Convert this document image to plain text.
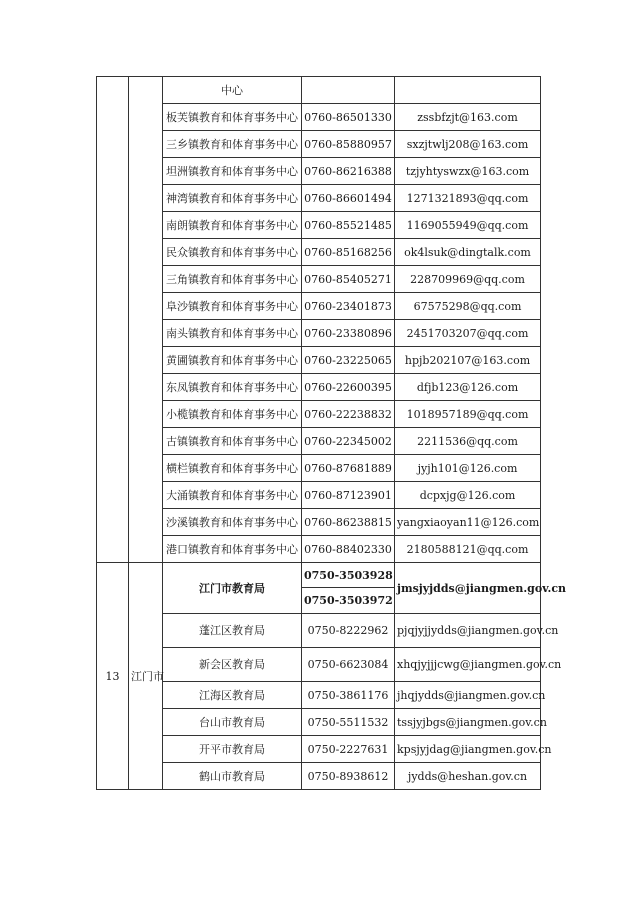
		中心		
		板芙镇教育和体育事务中心	0760-86501330	zssbfzjt@163.com
		三乡镇教育和体育事务中心	0760-85880957	sxzjtwlj208@163.com
		坦洲镇教育和体育事务中心	0760-86216388	tzjyhtyswzx@163.com
		神湾镇教育和体育事务中心	0760-86601494	1271321893@qq.com
		南朗镇教育和体育事务中心	0760-85521485	1169055949@qq.com
		民众镇教育和体育事务中心	0760-85168256	ok4lsuk@dingtalk.com
		三角镇教育和体育事务中心	0760-85405271	228709969@qq.com
		阜沙镇教育和体育事务中心	0760-23401873	67575298@qq.com
		南头镇教育和体育事务中心	0760-23380896	2451703207@qq.com
		黄圃镇教育和体育事务中心	0760-23225065	hpjb202107@163.com
		东凤镇教育和体育事务中心	0760-22600395	dfjb123@126.com
		小榄镇教育和体育事务中心	0760-22238832	1018957189@qq.com
		古镇镇教育和体育事务中心	0760-22345002	2211536@qq.com
		横栏镇教育和体育事务中心	0760-87681889	jyjh101@126.com
		大涌镇教育和体育事务中心	0760-87123901	dcpxjg@126.com
		沙溪镇教育和体育事务中心	0760-86238815	yangxiaoyan11@126.com
		港口镇教育和体育事务中心	0760-88402330	2180588121@qq.com
13	江门市	江门市教育局	0750-3503928	jmsjyjdds@jiangmen.gov.cn
			0750-3503972	
		蓬江区教育局	0750-8222962	pjqjyjjydds@jiangmen.gov.cn
		新会区教育局	0750-6623084	xhqjyjjjcwg@jiangmen.gov.cn
		江海区教育局	0750-3861176	jhqjydds@jiangmen.gov.cn
		台山市教育局	0750-5511532	tssjyjbgs@jiangmen.gov.cn
		开平市教育局	0750-2227631	kpsjyjdag@jiangmen.gov.cn
		鹤山市教育局	0750-8938612	jydds@heshan.gov.cn
